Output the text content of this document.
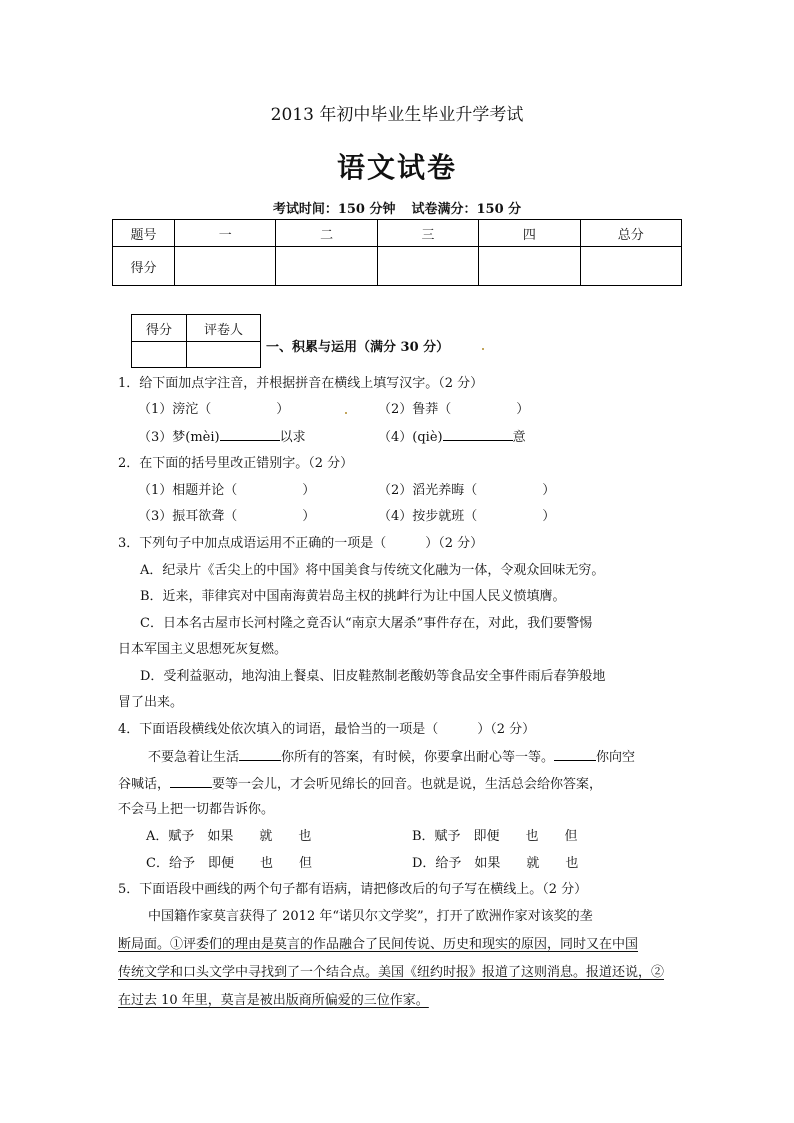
2013 年初中毕业生毕业升学考试
语文试卷
考试时间：150 分钟 试卷满分：150 分
题号	一	二	三	四	总分
得分					
得分	评卷人

一、积累与运用（满分 30 分）
1．给下面加点字注音，并根据拼音在横线上填写汉字。（2 分）
（1）滂沱（　　　　　）	（2）鲁莽（　　　　　）
（3）梦(mèi)	以求	（4）(qiè)	意
2．在下面的括号里改正错别字。（2 分）
（1）相题并论（　　　　　）	（2）滔光养晦（　　　　　）
（3）振耳欲聋（　　　　　）	（4）按步就班（　　　　　）
3．下列句子中加点成语运用不正确的一项是（　　　）（2 分）
A．纪录片《舌尖上的中国》将中国美食与传统文化融为一体，令观众回味无穷。
B．近来，菲律宾对中国南海黄岩岛主权的挑衅行为让中国人民义愤填膺。
C．日本名古屋市长河村隆之竟否认“南京大屠杀”事件存在，对此，我们要警惕
日本军国主义思想死灰复燃。
D．受利益驱动，地沟油上餐桌、旧皮鞋熬制老酸奶等食品安全事件雨后春笋般地
冒了出来。
4．下面语段横线处依次填入的词语，最恰当的一项是（　　　）（2 分）
不要急着让生活	你所有的答案，有时候，你要拿出耐心等一等。	你向空
谷喊话，	要等一会儿，才会听见绵长的回音。也就是说，生活总会给你答案，
不会马上把一切都告诉你。
A．赋予　如果　　就　　也	B．赋予　即便　　也　　但
C．给予　即便　　也　　但	D．给予　如果　　就　　也
5．下面语段中画线的两个句子都有语病，请把修改后的句子写在横线上。（2 分）
中国籍作家莫言获得了 2012 年“诺贝尔文学奖”，打开了欧洲作家对该奖的垄
断局面。①评委们的理由是莫言的作品融合了民间传说、历史和现实的原因，同时又在中国
传统文学和口头文学中寻找到了一个结合点。美国《纽约时报》报道了这则消息。报道还说，②
在过去 10 年里，莫言是被出版商所偏爱的三位作家。
